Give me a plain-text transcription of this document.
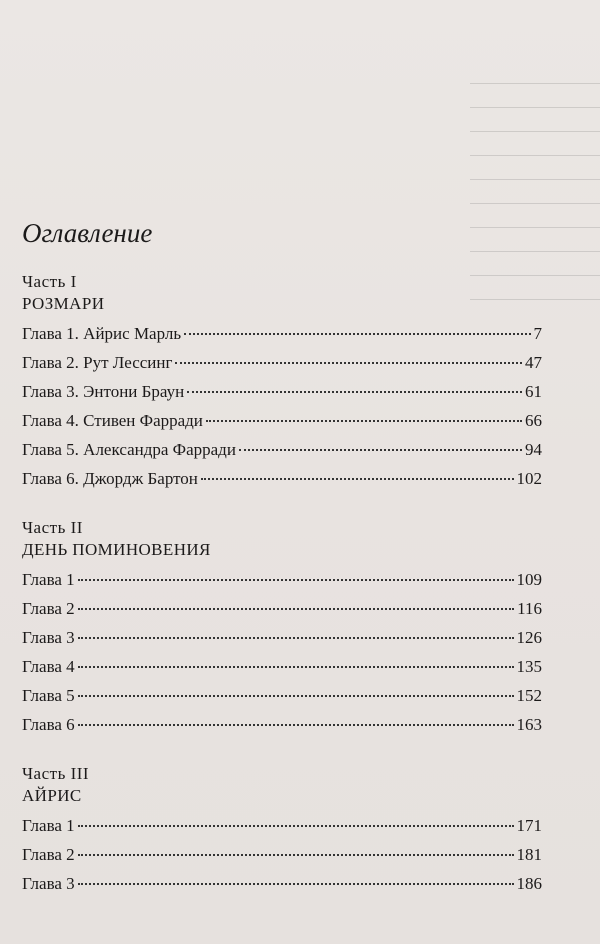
Оглавление
Часть I
РОЗМАРИ
Глава 1. Айрис Марль	7
Глава 2. Рут Лессинг	47
Глава 3. Энтони Браун	61
Глава 4. Стивен Фарради	66
Глава 5. Александра Фарради	94
Глава 6. Джордж Бартон	102
Часть II
ДЕНЬ ПОМИНОВЕНИЯ
Глава 1	109
Глава 2	116
Глава 3	126
Глава 4	135
Глава 5	152
Глава 6	163
Часть III
АЙРИС
Глава 1	171
Глава 2	181
Глава 3	186
